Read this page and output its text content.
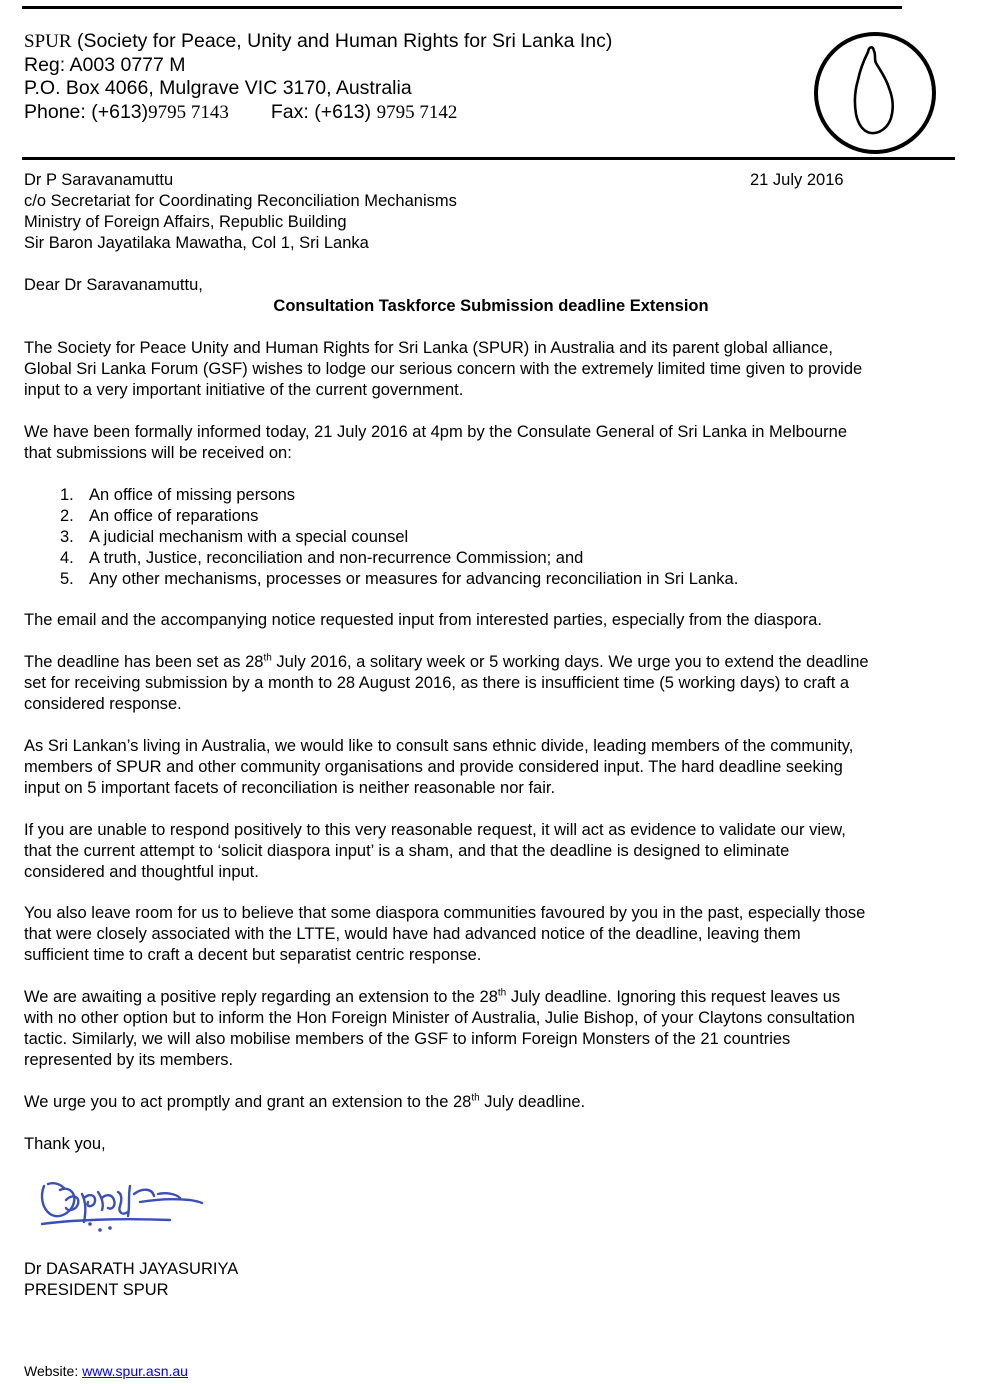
SPUR (Society for Peace, Unity and Human Rights for Sri Lanka Inc)
Reg: A003 0777 M
P.O. Box 4066, Mulgrave VIC 3170, Australia
Phone: (+613)9795 7143 Fax: (+613) 9795 7142
Dr P Saravanamuttu
c/o Secretariat for Coordinating Reconciliation Mechanisms
Ministry of Foreign Affairs, Republic Building
Sir Baron Jayatilaka Mawatha, Col 1, Sri Lanka
21 July 2016
Dear Dr Saravanamuttu,
Consultation Taskforce Submission deadline Extension
The Society for Peace Unity and Human Rights for Sri Lanka (SPUR) in Australia and its parent global alliance,
Global Sri Lanka Forum (GSF) wishes to lodge our serious concern with the extremely limited time given to provide
input to a very important initiative of the current government.
We have been formally informed today, 21 July 2016 at 4pm by the Consulate General of Sri Lanka in Melbourne
that submissions will be received on:
1. An office of missing persons
2. An office of reparations
3. A judicial mechanism with a special counsel
4. A truth, Justice, reconciliation and non-recurrence Commission; and
5. Any other mechanisms, processes or measures for advancing reconciliation in Sri Lanka.
The email and the accompanying notice requested input from interested parties, especially from the diaspora.
The deadline has been set as 28th July 2016, a solitary week or 5 working days. We urge you to extend the deadline
set for receiving submission by a month to 28 August 2016, as there is insufficient time (5 working days) to craft a
considered response.
As Sri Lankan’s living in Australia, we would like to consult sans ethnic divide, leading members of the community,
members of SPUR and other community organisations and provide considered input. The hard deadline seeking
input on 5 important facets of reconciliation is neither reasonable nor fair.
If you are unable to respond positively to this very reasonable request, it will act as evidence to validate our view,
that the current attempt to ‘solicit diaspora input’ is a sham, and that the deadline is designed to eliminate
considered and thoughtful input.
You also leave room for us to believe that some diaspora communities favoured by you in the past, especially those
that were closely associated with the LTTE, would have had advanced notice of the deadline, leaving them
sufficient time to craft a decent but separatist centric response.
We are awaiting a positive reply regarding an extension to the 28th July deadline. Ignoring this request leaves us
with no other option but to inform the Hon Foreign Minister of Australia, Julie Bishop, of your Claytons consultation
tactic. Similarly, we will also mobilise members of the GSF to inform Foreign Monsters of the 21 countries
represented by its members.
We urge you to act promptly and grant an extension to the 28th July deadline.
Thank you,
Dr DASARATH JAYASURIYA
PRESIDENT SPUR
Website: www.spur.asn.au
